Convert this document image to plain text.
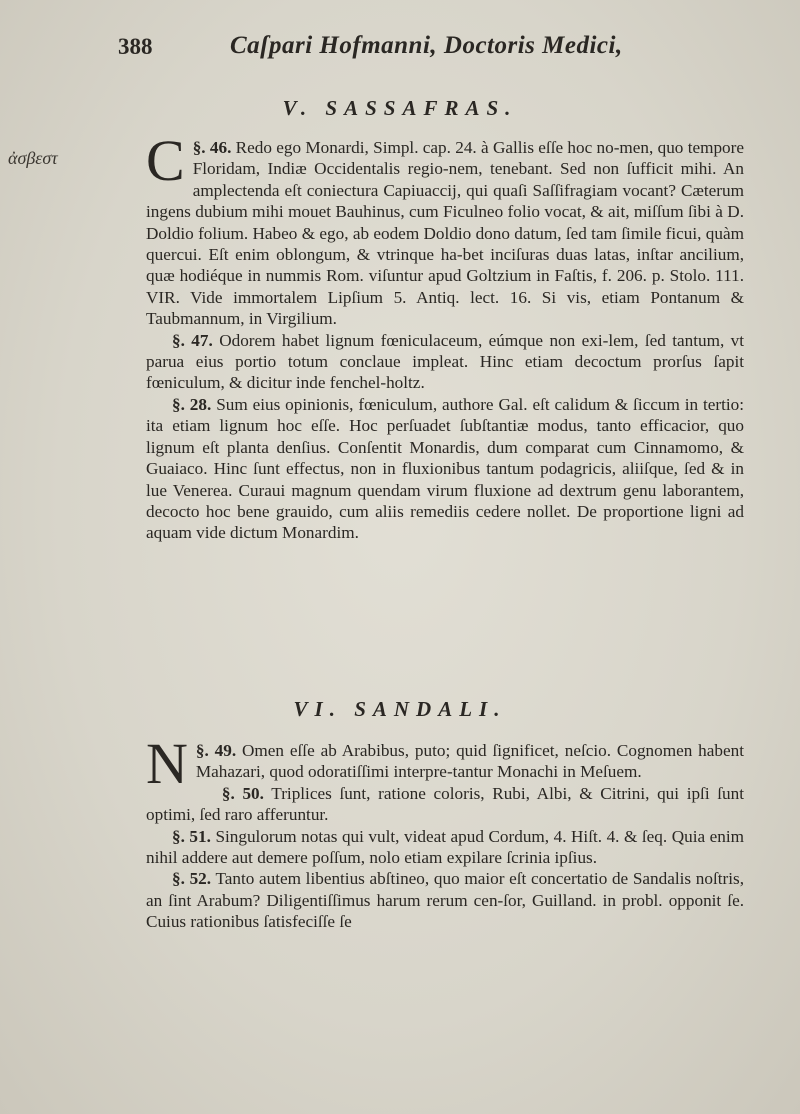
388	Caſpari Hofmanni, Doctoris Medici,
ἀσβεστ
V. SASSAFRAS.

§. 46.
C	Redo ego Monardi, Simpl. cap. 24. à Gallis eſſe hoc no-men, quo tempore Floridam, Indiæ Occidentalis regio-nem, tenebant. Sed non ſufficit mihi. An amplectenda eſt coniectura Capiuaccij, qui quaſi Saſſifragiam vocant? Cæterum ingens dubium mihi mouet Bauhinus, cum Ficulneo folio vocat, & ait, miſſum ſibi à D. Doldio folium. Habeo & ego, ab eodem Doldio dono datum, ſed tam ſimile ficui, quàm quercui. Eſt enim oblongum, & vtrinque ha-bet inciſuras duas latas, inſtar ancilium, quæ hodiéque in nummis Rom. viſuntur apud Goltzium in Faſtis, f. 206. p. Stolo. 111. VIR. Vide immortalem Lipſium 5. Antiq. lect. 16. Si vis, etiam Pontanum & Taubmannum, in Virgilium.

§. 47. Odorem habet lignum fœniculaceum, eúmque non exi-lem, ſed tantum, vt parua eius portio totum conclaue impleat. Hinc etiam decoctum prorſus ſapit fœniculum, & dicitur inde fenchel-holtz.

§. 28. Sum eius opinionis, fœniculum, authore Gal. eſt calidum & ſiccum in tertio: ita etiam lignum hoc eſſe. Hoc perſuadet ſubſtantiæ modus, tanto efficacior, quo lignum eſt planta denſius. Conſentit Monardis, dum comparat cum Cinnamomo, & Guaiaco. Hinc ſunt effectus, non in fluxionibus tantum podagricis, aliiſque, ſed & in lue Venerea. Curaui magnum quendam virum fluxione ad dextrum genu laborantem, decocto hoc bene grauido, cum aliis remediis cedere nollet. De proportione ligni ad aquam vide dictum Monardim.

VI. SANDALI.

§. 49.
N	Omen eſſe ab Arabibus, puto; quid ſignificet, neſcio. Cognomen habent Mahazari, quod odoratiſſimi interpre-tantur Monachi in Meſuem.

§. 50. Triplices ſunt, ratione coloris, Rubi, Albi, & Citrini, qui ipſi ſunt optimi, ſed raro afferuntur.

§. 51. Singulorum notas qui vult, videat apud Cordum, 4. Hiſt. 4. & ſeq. Quia enim nihil addere aut demere poſſum, nolo etiam expilare ſcrinia ipſius.

§. 52. Tanto autem libentius abſtineo, quo maior eſt concertatio de Sandalis noſtris, an ſint Arabum? Diligentiſſimus harum rerum cen-ſor, Guilland. in probl. opponit ſe. Cuius rationibus ſatisfeciſſe ſe
